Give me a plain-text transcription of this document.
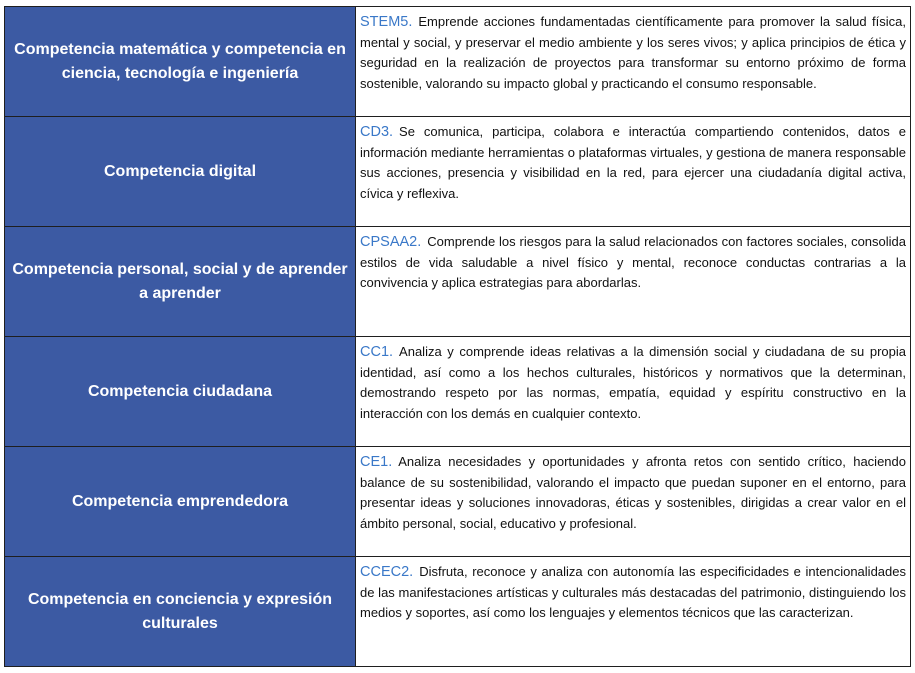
Competencia matemática y competencia en ciencia, tecnología e ingeniería
STEM5. Emprende acciones fundamentadas científicamente para promover la salud física, mental y social, y preservar el medio ambiente y los seres vivos; y aplica principios de ética y seguridad en la realización de proyectos para transformar su entorno próximo de forma sostenible, valorando su impacto global y practicando el consumo responsable.
Competencia digital
CD3. Se comunica, participa, colabora e interactúa compartiendo contenidos, datos e información mediante herramientas o plataformas virtuales, y gestiona de manera responsable sus acciones, presencia y visibilidad en la red, para ejercer una ciudadanía digital activa, cívica y reflexiva.
Competencia personal, social y de aprender a aprender
CPSAA2. Comprende los riesgos para la salud relacionados con factores sociales, consolida estilos de vida saludable a nivel físico y mental, reconoce conductas contrarias a la convivencia y aplica estrategias para abordarlas.
Competencia ciudadana
CC1. Analiza y comprende ideas relativas a la dimensión social y ciudadana de su propia identidad, así como a los hechos culturales, históricos y normativos que la determinan, demostrando respeto por las normas, empatía, equidad y espíritu constructivo en la interacción con los demás en cualquier contexto.
Competencia emprendedora
CE1. Analiza necesidades y oportunidades y afronta retos con sentido crítico, haciendo balance de su sostenibilidad, valorando el impacto que puedan suponer en el entorno, para presentar ideas y soluciones innovadoras, éticas y sostenibles, dirigidas a crear valor en el ámbito personal, social, educativo y profesional.
Competencia en conciencia y expresión culturales
CCEC2. Disfruta, reconoce y analiza con autonomía las especificidades e intencionalidades de las manifestaciones artísticas y culturales más destacadas del patrimonio, distinguiendo los medios y soportes, así como los lenguajes y elementos técnicos que las caracterizan.
